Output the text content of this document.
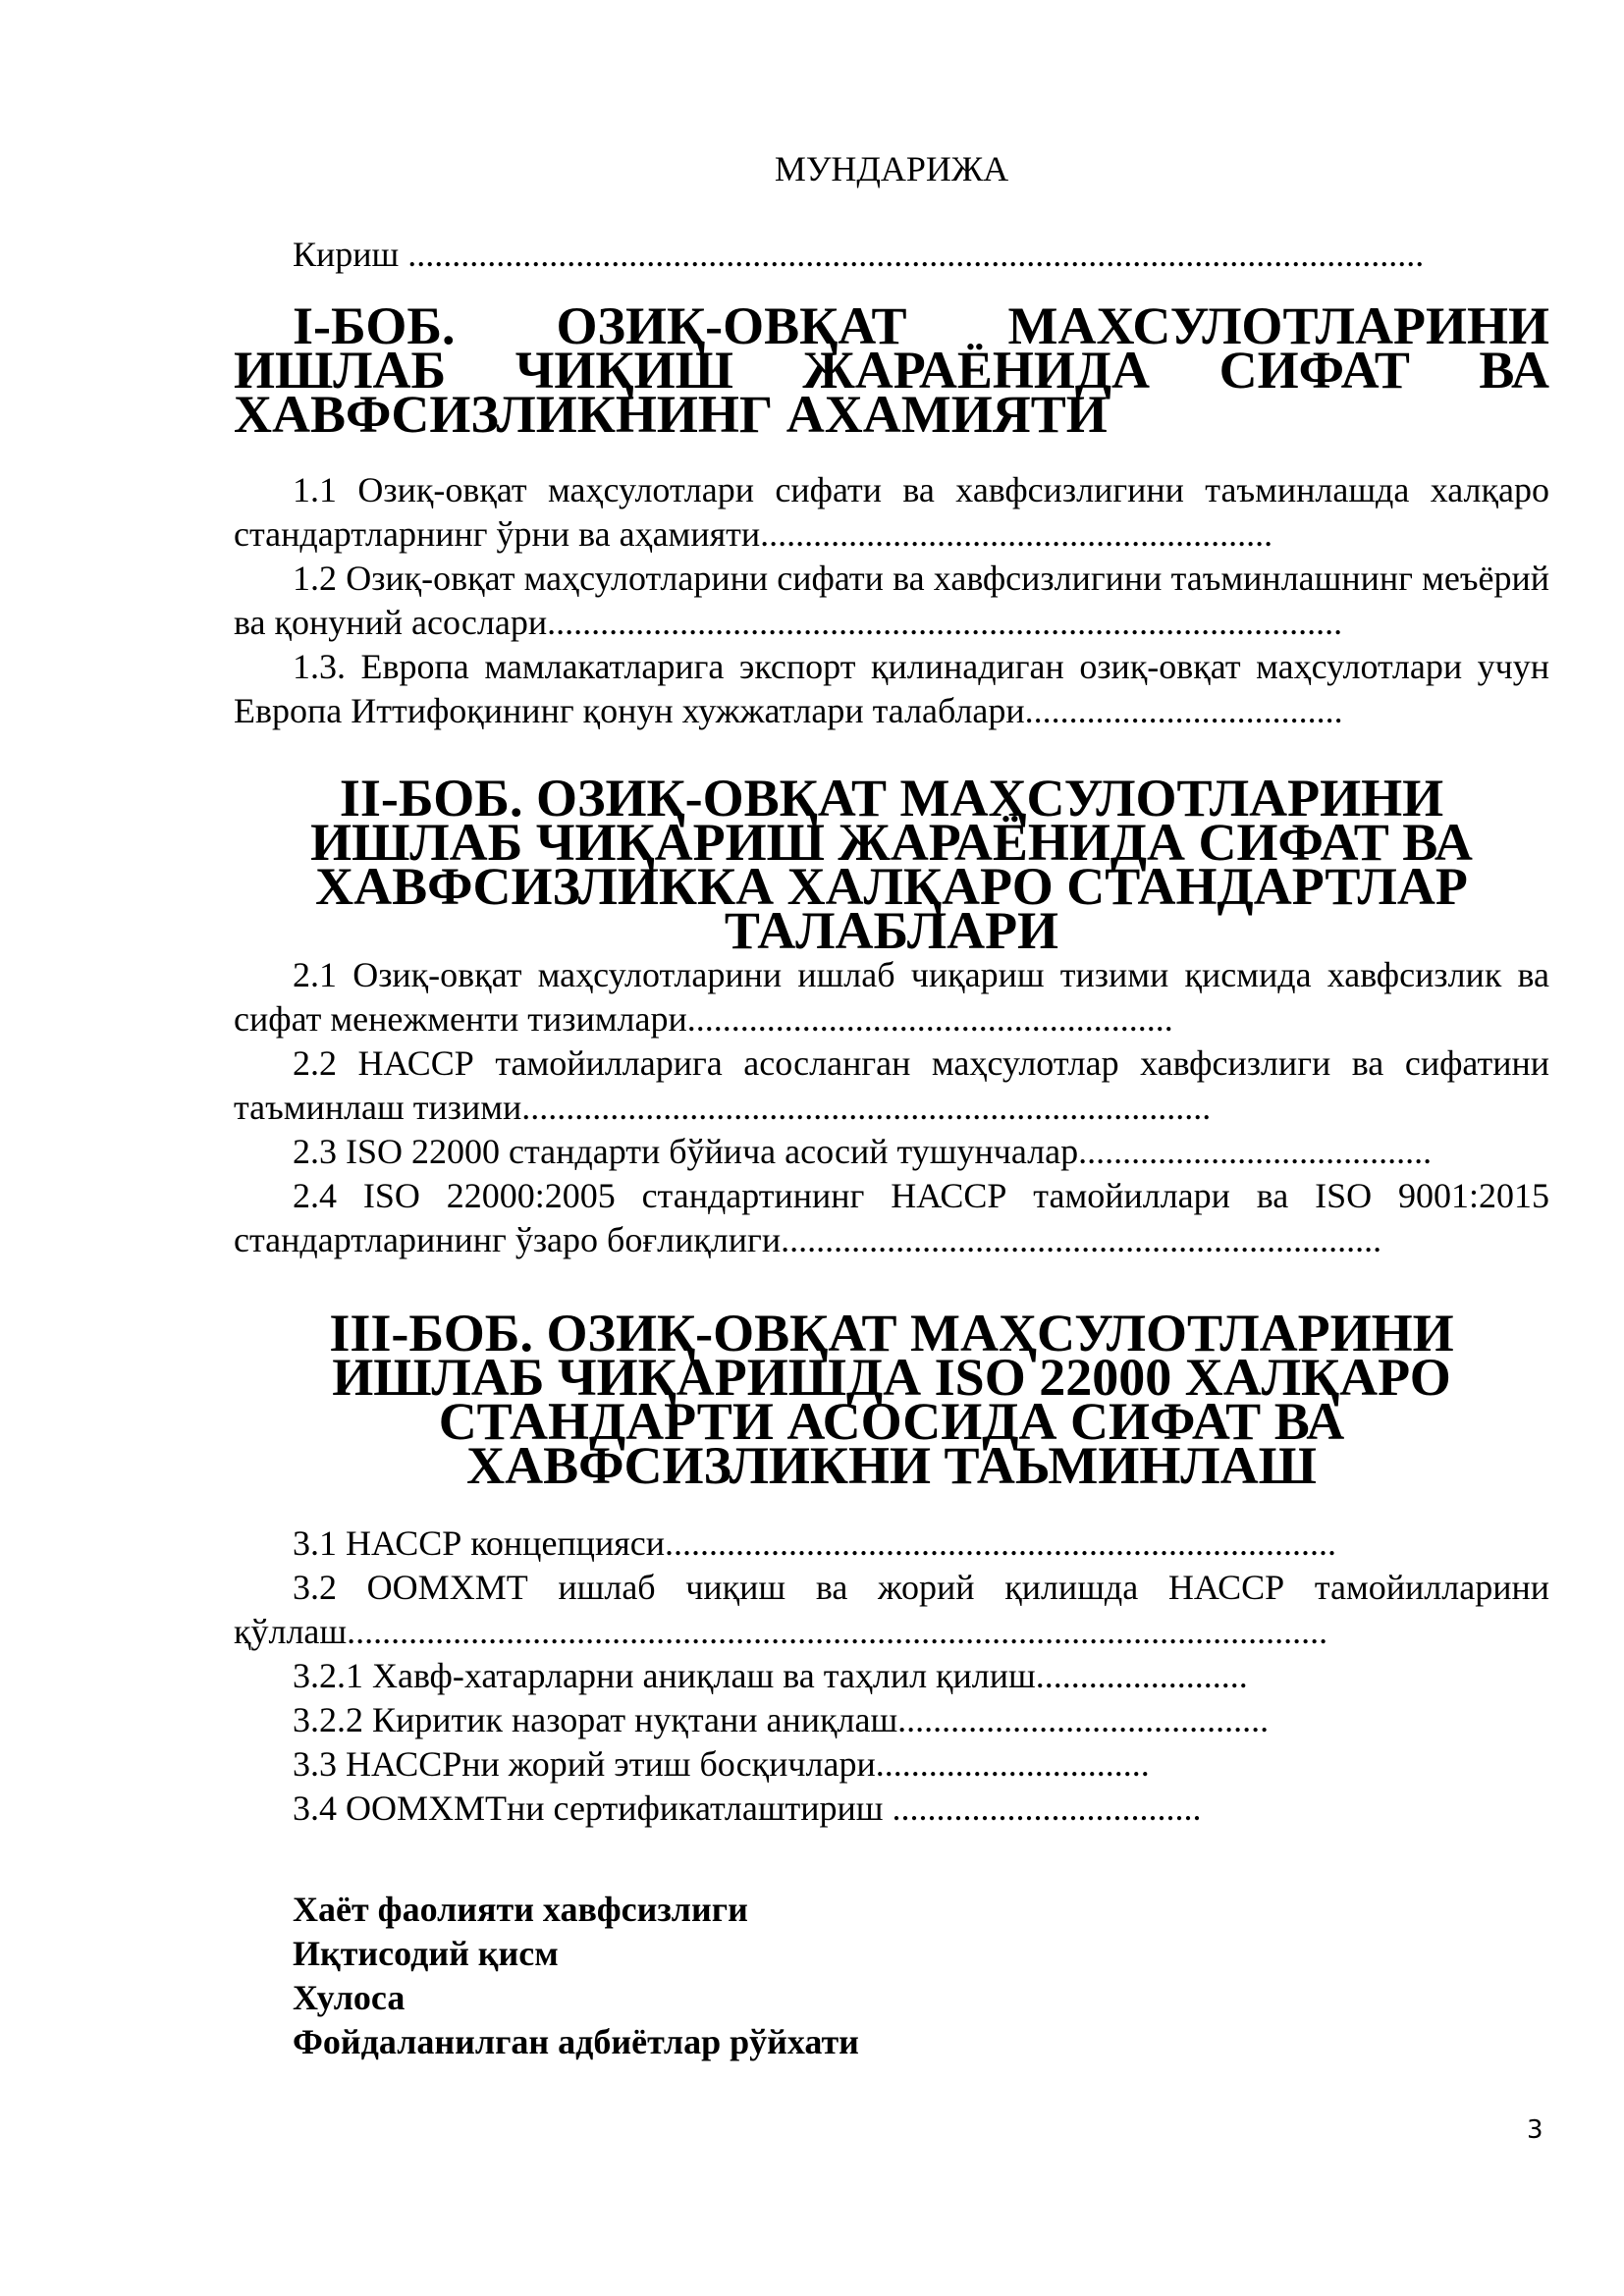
МУНДАРИЖА

Кириш ...................................................................................................................

I-БОБ. ОЗИҚ-ОВҚАТ МАХСУЛОТЛАРИНИ ИШЛАБ ЧИҚИШ ЖАРАЁНИДА СИФАТ ВА ХАВФСИЗЛИКНИНГ АХАМИЯТИ

1.1 Озиқ-овқат маҳсулотлари сифати ва хавфсизлигини таъминлашда халқаро стандартларнинг ўрни ва аҳамияти..........................................................

1.2 Озиқ-овқат маҳсулотларини сифати ва хавфсизлигини таъминлашнинг меъёрий ва қонуний асослари..........................................................................................

1.3. Европа мамлакатларига экспорт қилинадиган озиқ-овқат маҳсулотлари учун Европа Иттифоқининг қонун хужжатлари талаблари....................................

II-БОБ. ОЗИҚ-ОВҚАТ МАҲСУЛОТЛАРИНИ ИШЛАБ ЧИҚАРИШ ЖАРАЁНИДА СИФАТ ВА ХАВФСИЗЛИККА ХАЛҚАРО СТАНДАРТЛАР ТАЛАБЛАРИ

2.1 Озиқ-овқат маҳсулотларини ишлаб чиқариш тизими қисмида хавфсизлик ва сифат менежменти тизимлари.......................................................

2.2 НАССР тамойилларига асосланган маҳсулотлар хавфсизлиги ва сифатини таъминлаш тизими..............................................................................

2.3 ISO 22000 стандарти бўйича асосий тушунчалар........................................

2.4 ISO 22000:2005 стандартининг НАССР тамойиллари ва ISO 9001:2015 стандартларининг ўзаро боғлиқлиги....................................................................

III-БОБ. ОЗИҚ-ОВҚАТ МАҲСУЛОТЛАРИНИ ИШЛАБ ЧИҚАРИШДА ISO 22000 ХАЛҚАРО СТАНДАРТИ АСОСИДА СИФАТ ВА ХАВФСИЗЛИКНИ ТАЬМИНЛАШ

3.1 НАССР концепцияси............................................................................

3.2 ООМХМТ ишлаб чиқиш ва жорий қилишда НАССР тамойилларини қўллаш...............................................................................................................

3.2.1 Хавф-хатарларни аниқлаш ва таҳлил қилиш........................

3.2.2 Киритик назорат нуқтани аниқлаш..........................................

3.3 НАССРни жорий этиш босқичлари...............................

3.4 ООМХМТни сертификатлаштириш ...................................

Хаёт фаолияти хавфсизлиги
Иқтисодий қисм
Хулоса
Фойдаланилган адбиётлар рўйхати
3
